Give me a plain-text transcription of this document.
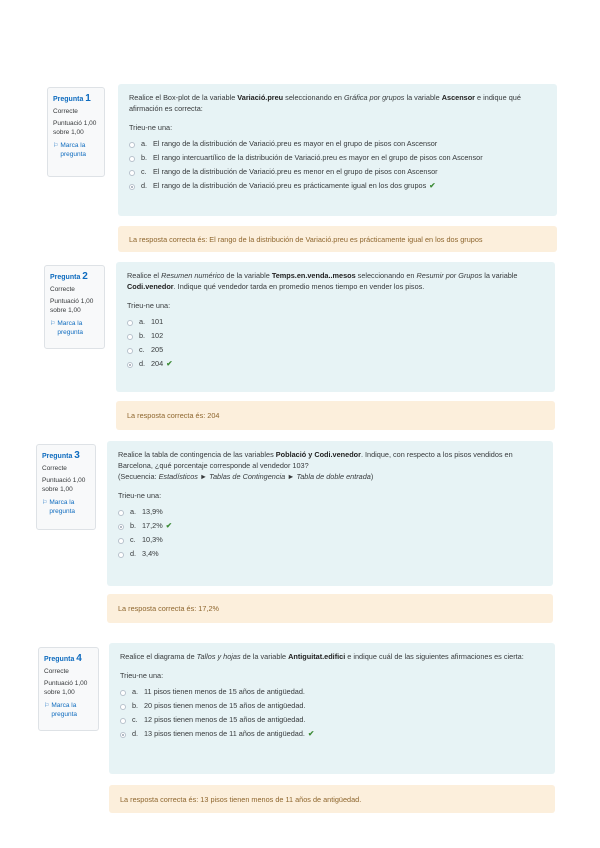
Pregunta 1
Correcte
Puntuació 1,00
sobre 1,00
⚐ Marca la pregunta

Realice el Box-plot de la variable Variació.preu seleccionando en Gráfica por grupos la variable Ascensor e indique qué afirmación es correcta:

Trieu-ne una:

a. El rango de la distribución de Variació.preu es mayor en el grupo de pisos con Ascensor
b. El rango intercuartílico de la distribución de Variació.preu es mayor en el grupo de pisos con Ascensor
c. El rango de la distribución de Variació.preu es menor en el grupo de pisos con Ascensor
d. El rango de la distribución de Variació.preu es prácticamente igual en los dos grupos ✔
La resposta correcta és: El rango de la distribución de Variació.preu es prácticamente igual en los dos grupos
Pregunta 2
Correcte
Puntuació 1,00
sobre 1,00
⚐ Marca la pregunta

Realice el Resumen numérico de la variable Temps.en.venda..mesos seleccionando en Resumir por Grupos la variable Codi.venedor. Indique qué vendedor tarda en promedio menos tiempo en vender los pisos.

Trieu-ne una:

a. 101
b. 102
c. 205
d. 204 ✔
La resposta correcta és: 204
Pregunta 3
Correcte
Puntuació 1,00
sobre 1,00
⚐ Marca la pregunta

Realice la tabla de contingencia de las variables Població y Codi.venedor. Indique, con respecto a los pisos vendidos en Barcelona, ¿qué porcentaje corresponde al vendedor 103?
(Secuencia: Estadísticos ► Tablas de Contingencia ► Tabla de doble entrada)

Trieu-ne una:

a. 13,9%
b. 17,2% ✔
c. 10,3%
d. 3,4%
La resposta correcta és: 17,2%
Pregunta 4
Correcte
Puntuació 1,00
sobre 1,00
⚐ Marca la pregunta

Realice el diagrama de Tallos y hojas de la variable Antiguitat.edifici e indique cuál de las siguientes afirmaciones es cierta:

Trieu-ne una:

a. 11 pisos tienen menos de 15 años de antigüedad.
b. 20 pisos tienen menos de 15 años de antigüedad.
c. 12 pisos tienen menos de 15 años de antigüedad.
d. 13 pisos tienen menos de 11 años de antigüedad. ✔
La resposta correcta és: 13 pisos tienen menos de 11 años de antigüedad.
